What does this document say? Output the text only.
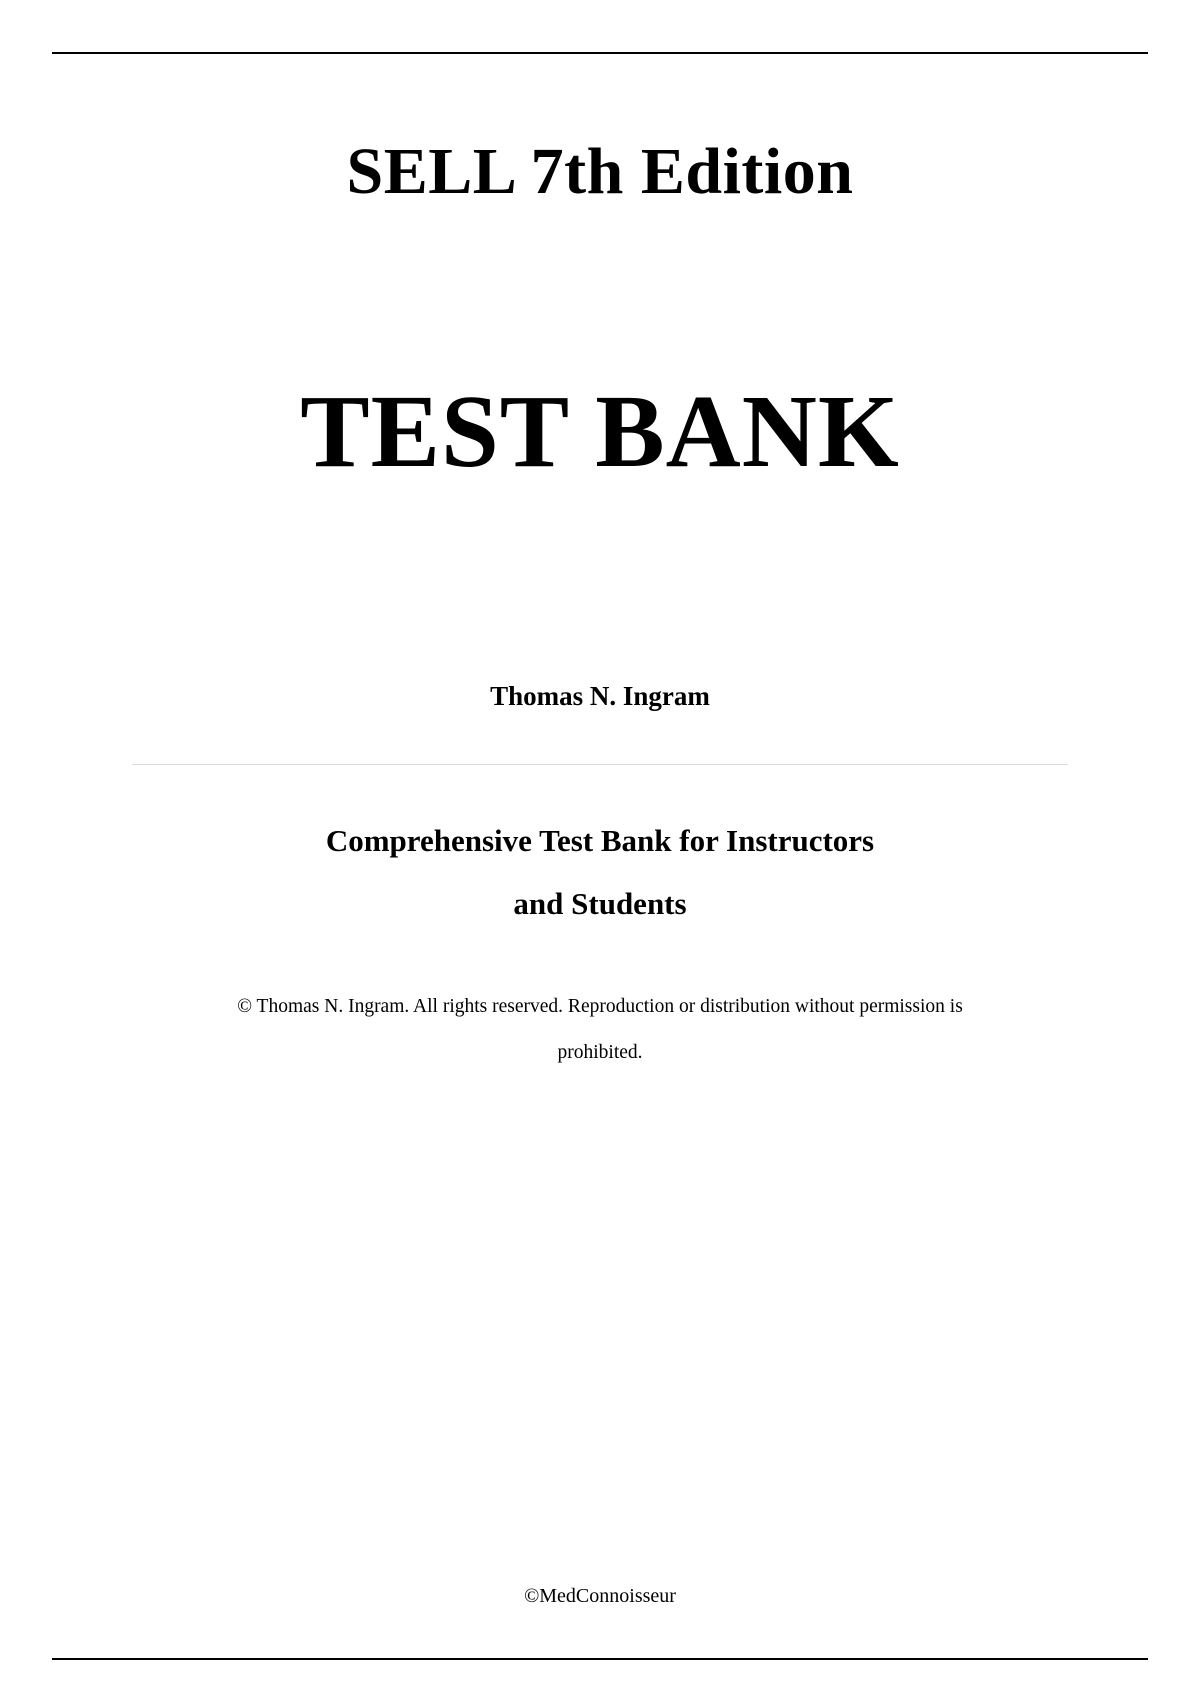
SELL 7th Edition
TEST BANK
Thomas N. Ingram
Comprehensive Test Bank for Instructors
and Students
© Thomas N. Ingram. All rights reserved. Reproduction or distribution without permission is
prohibited.
©MedConnoisseur
